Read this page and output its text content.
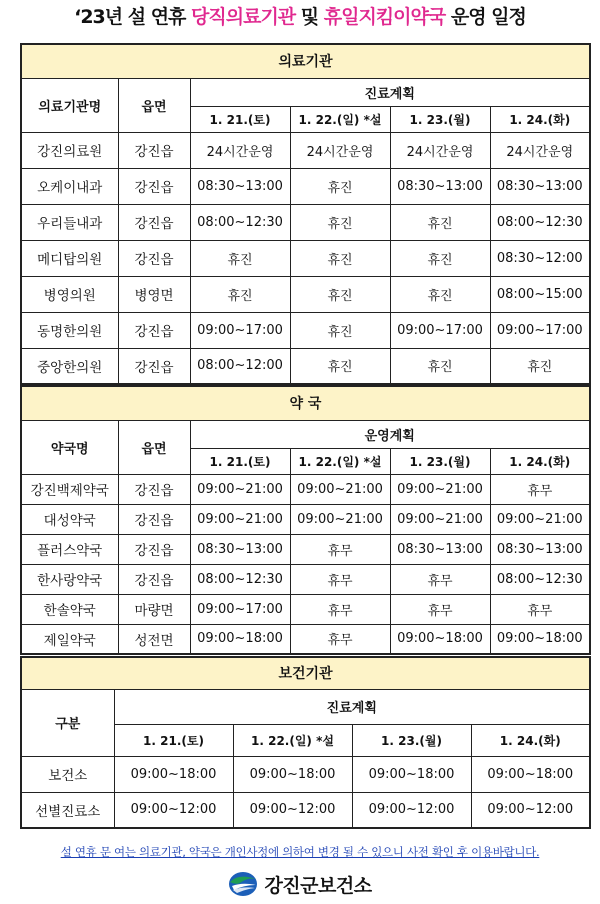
‘23년 설 연휴 당직의료기관 및 휴일지킴이약국 운영 일정
의료기관					
의료기관명	읍면	진료계획			
		1. 21.(토)	1. 22.(일) *설	1. 23.(월)	1. 24.(화)
강진의료원	강진읍	24시간운영	24시간운영	24시간운영	24시간운영
오케이내과	강진읍	08:30~13:00	휴진	08:30~13:00	08:30~13:00
우리들내과	강진읍	08:00~12:30	휴진	휴진	08:00~12:30
메디탑의원	강진읍	휴진	휴진	휴진	08:30~12:00
병영의원	병영면	휴진	휴진	휴진	08:00~15:00
동명한의원	강진읍	09:00~17:00	휴진	09:00~17:00	09:00~17:00
중앙한의원	강진읍	08:00~12:00	휴진	휴진	휴진
약 국					
약국명	읍면	운영계획			
		1. 21.(토)	1. 22.(일) *설	1. 23.(월)	1. 24.(화)
강진백제약국	강진읍	09:00~21:00	09:00~21:00	09:00~21:00	휴무
대성약국	강진읍	09:00~21:00	09:00~21:00	09:00~21:00	09:00~21:00
플러스약국	강진읍	08:30~13:00	휴무	08:30~13:00	08:30~13:00
한사랑약국	강진읍	08:00~12:30	휴무	휴무	08:00~12:30
한솔약국	마량면	09:00~17:00	휴무	휴무	휴무
제일약국	성전면	09:00~18:00	휴무	09:00~18:00	09:00~18:00
보건기관				
구분	진료계획			
	1. 21.(토)	1. 22.(일) *설	1. 23.(월)	1. 24.(화)
보건소	09:00~18:00	09:00~18:00	09:00~18:00	09:00~18:00
선별진료소	09:00~12:00	09:00~12:00	09:00~12:00	09:00~12:00
설 연휴 문 여는 의료기관, 약국은 개인사정에 의하여 변경 될 수 있으니 사전 확인 후 이용바랍니다.
강진군보건소
